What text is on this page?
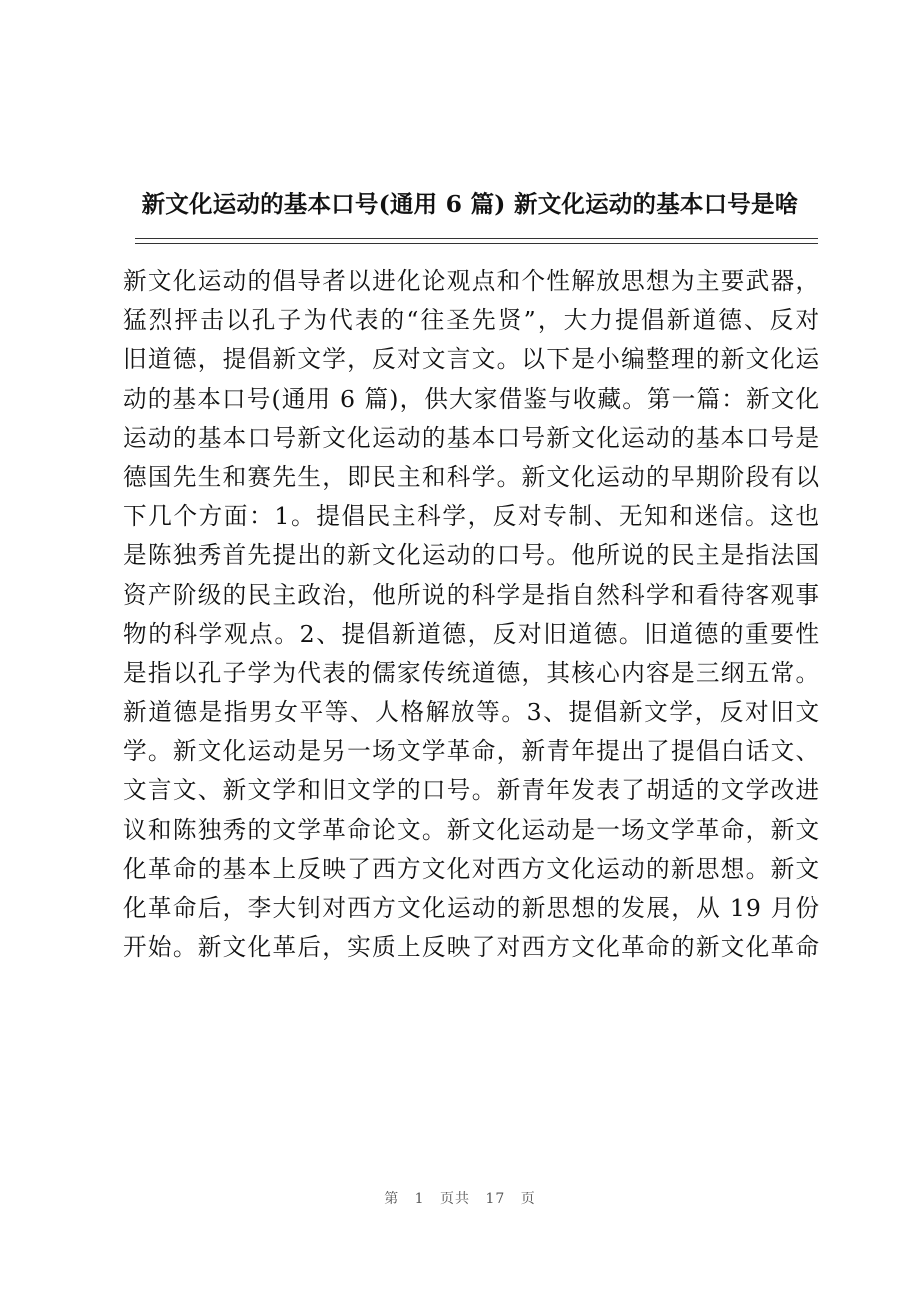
新文化运动的基本口号(通用 6 篇) 新文化运动的基本口号是啥
新文化运动的倡导者以进化论观点和个性解放思想为主要武器，
猛烈抨击以孔子为代表的“往圣先贤”，大力提倡新道德、反对
旧道德，提倡新文学，反对文言文。以下是小编整理的新文化运
动的基本口号(通用 6 篇)，供大家借鉴与收藏。第一篇：新文化
运动的基本口号新文化运动的基本口号新文化运动的基本口号是
德国先生和赛先生，即民主和科学。新文化运动的早期阶段有以
下几个方面：1。提倡民主科学，反对专制、无知和迷信。这也
是陈独秀首先提出的新文化运动的口号。他所说的民主是指法国
资产阶级的民主政治，他所说的科学是指自然科学和看待客观事
物的科学观点。2、提倡新道德，反对旧道德。旧道德的重要性
是指以孔子学为代表的儒家传统道德，其核心内容是三纲五常。
新道德是指男女平等、人格解放等。3、提倡新文学，反对旧文
学。新文化运动是另一场文学革命，新青年提出了提倡白话文、
文言文、新文学和旧文学的口号。新青年发表了胡适的文学改进
议和陈独秀的文学革命论文。新文化运动是一场文学革命，新文
化革命的基本上反映了西方文化对西方文化运动的新思想。新文
化革命后，李大钊对西方文化运动的新思想的发展，从 19 月份
开始。新文化革后，实质上反映了对西方文化革命的新文化革命
第 1 页共 17 页
